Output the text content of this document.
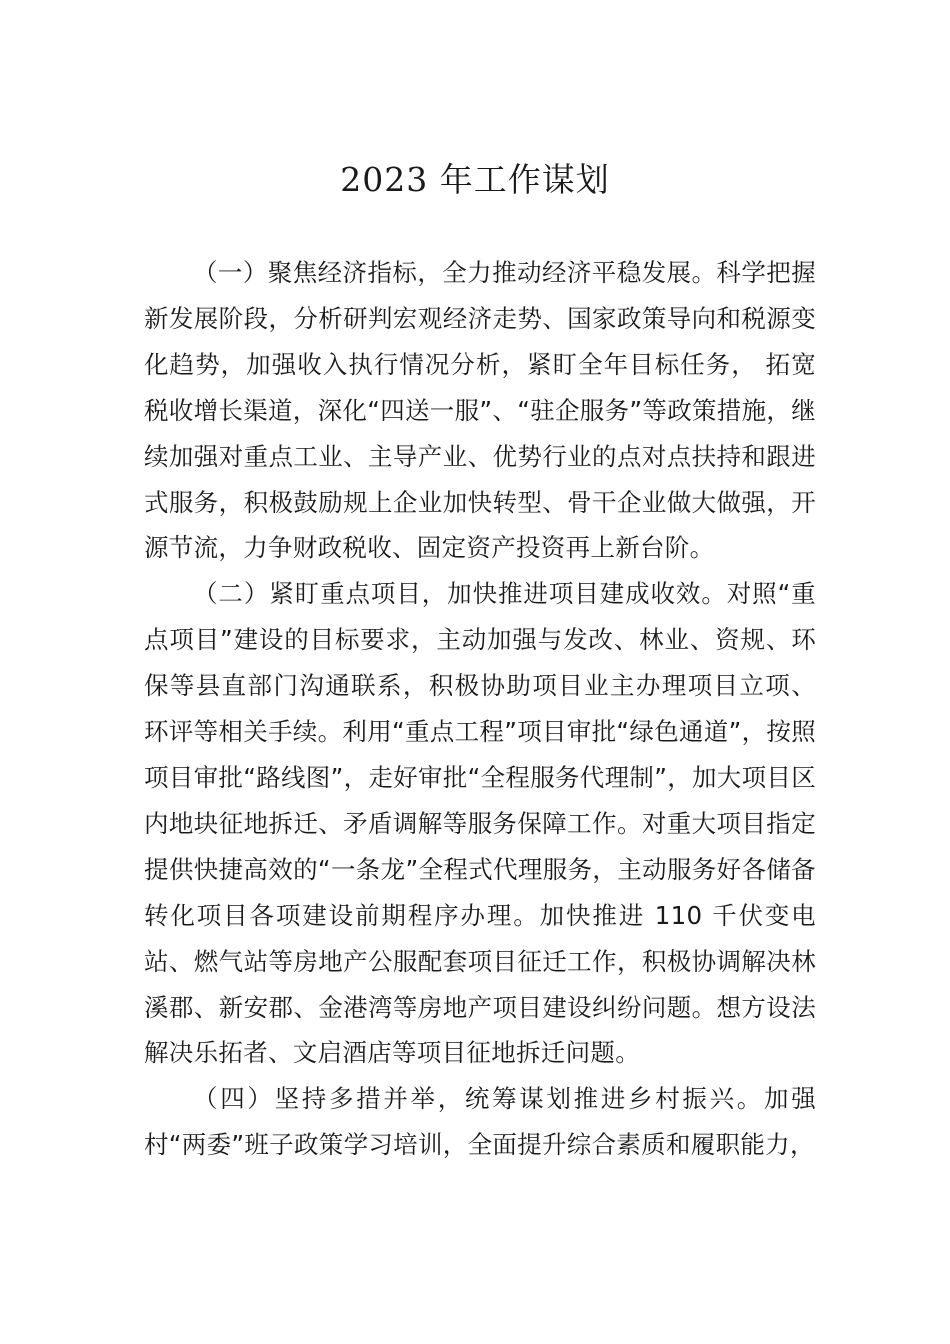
2023 年工作谋划

（一）聚焦经济指标，全力推动经济平稳发展。科学把握新发展阶段，分析研判宏观经济走势、国家政策导向和税源变化趋势，加强收入执行情况分析，紧盯全年目标任务， 拓宽税收增长渠道，深化“四送一服”、“驻企服务”等政策措施，继续加强对重点工业、主导产业、优势行业的点对点扶持和跟进式服务，积极鼓励规上企业加快转型、骨干企业做大做强，开源节流，力争财政税收、固定资产投资再上新台阶。

（二）紧盯重点项目，加快推进项目建成收效。对照“重点项目”建设的目标要求，主动加强与发改、林业、资规、环保等县直部门沟通联系，积极协助项目业主办理项目立项、 环评等相关手续。利用“重点工程”项目审批“绿色通道”，按照项目审批“路线图”，走好审批“全程服务代理制”，加大项目区内地块征地拆迁、矛盾调解等服务保障工作。对重大项目指定提供快捷高效的“一条龙”全程式代理服务，主动服务好各储备转化项目各项建设前期程序办理。加快推进 110 千伏变电站、燃气站等房地产公服配套项目征迁工作，积极协调解决林溪郡、新安郡、金港湾等房地产项目建设纠纷问题。想方设法解决乐拓者、文启酒店等项目征地拆迁问题。

（四）坚持多措并举，统筹谋划推进乡村振兴。加强村“两委”班子政策学习培训，全面提升综合素质和履职能力，
